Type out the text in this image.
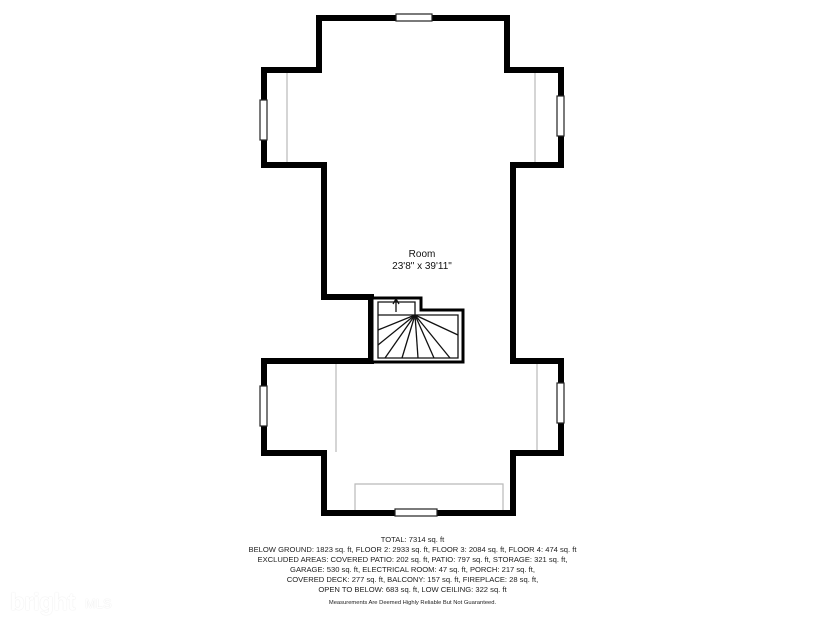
Room
23'8" x 39'11"
TOTAL: 7314 sq. ft
BELOW GROUND: 1823 sq. ft, FLOOR 2: 2933 sq. ft, FLOOR 3: 2084 sq. ft, FLOOR 4: 474 sq. ft
EXCLUDED AREAS: COVERED PATIO: 202 sq. ft, PATIO: 797 sq. ft, STORAGE: 321 sq. ft,
GARAGE: 530 sq. ft, ELECTRICAL ROOM: 47 sq. ft, PORCH: 217 sq. ft,
COVERED DECK: 277 sq. ft, BALCONY: 157 sq. ft, FIREPLACE: 28 sq. ft,
OPEN TO BELOW: 683 sq. ft, LOW CEILING: 322 sq. ft
Measurements Are Deemed Highly Reliable But Not Guaranteed.
bright MLS
